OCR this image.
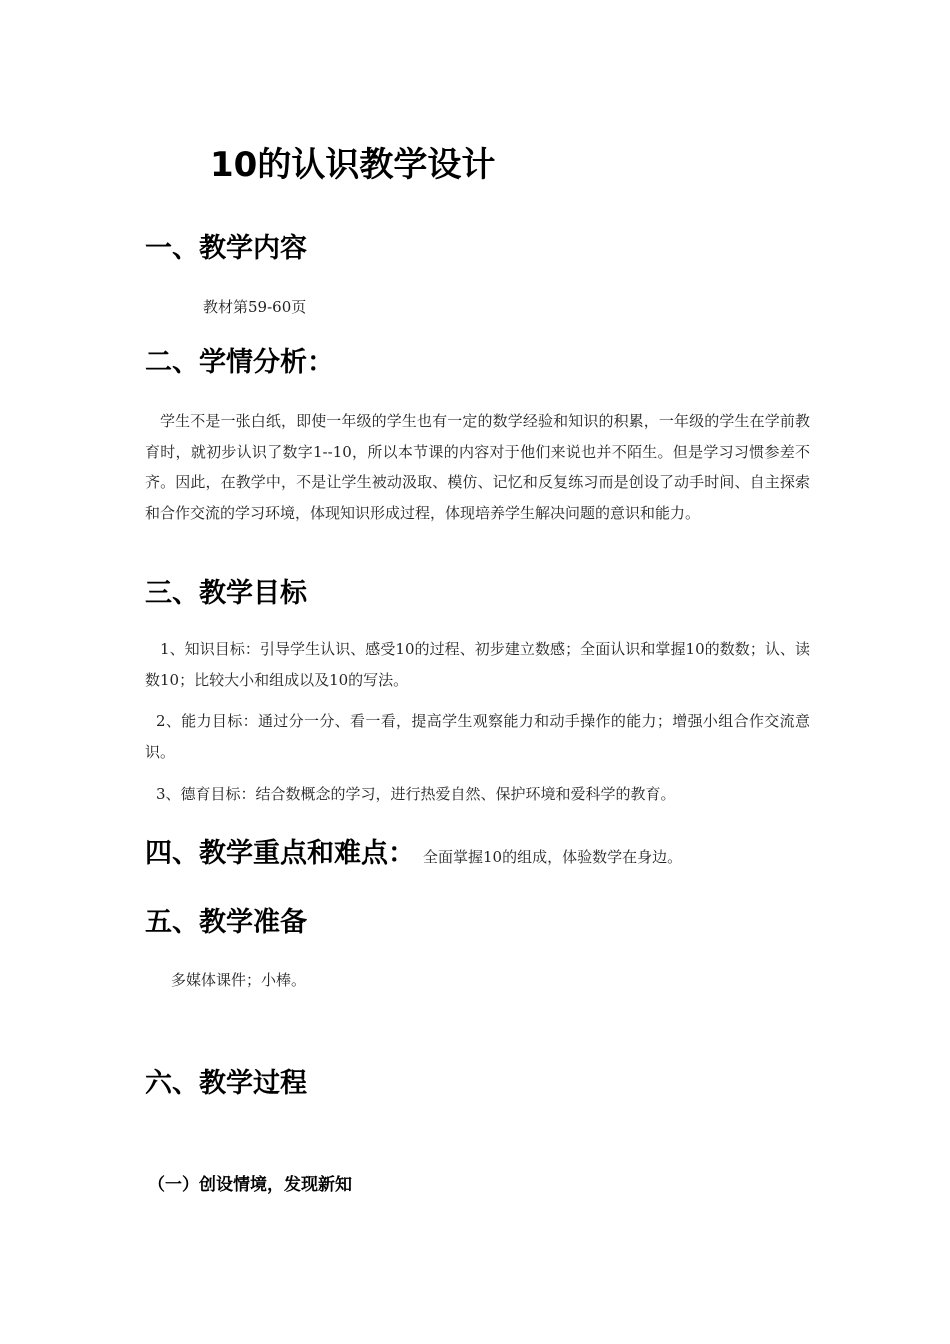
10的认识教学设计
一、教学内容

教材第59-60页

二、学情分析：

学生不是一张白纸，即使一年级的学生也有一定的数学经验和知识的积累，一年级的学生在学前教育时，就初步认识了数字1--10，所以本节课的内容对于他们来说也并不陌生。但是学习习惯参差不齐。因此，在教学中，不是让学生被动汲取、模仿、记忆和反复练习而是创设了动手时间、自主探索和合作交流的学习环境，体现知识形成过程，体现培养学生解决问题的意识和能力。

三、教学目标

1、知识目标：引导学生认识、感受10的过程、初步建立数感；全面认识和掌握10的数数；认、读数10；比较大小和组成以及10的写法。

2、能力目标：通过分一分、看一看，提高学生观察能力和动手操作的能力；增强小组合作交流意识。

3、德育目标：结合数概念的学习，进行热爱自然、保护环境和爱科学的教育。

四、教学重点和难点： 全面掌握10的组成，体验数学在身边。
五、教学准备

多媒体课件；小棒。

六、教学过程

（一）创设情境，发现新知
